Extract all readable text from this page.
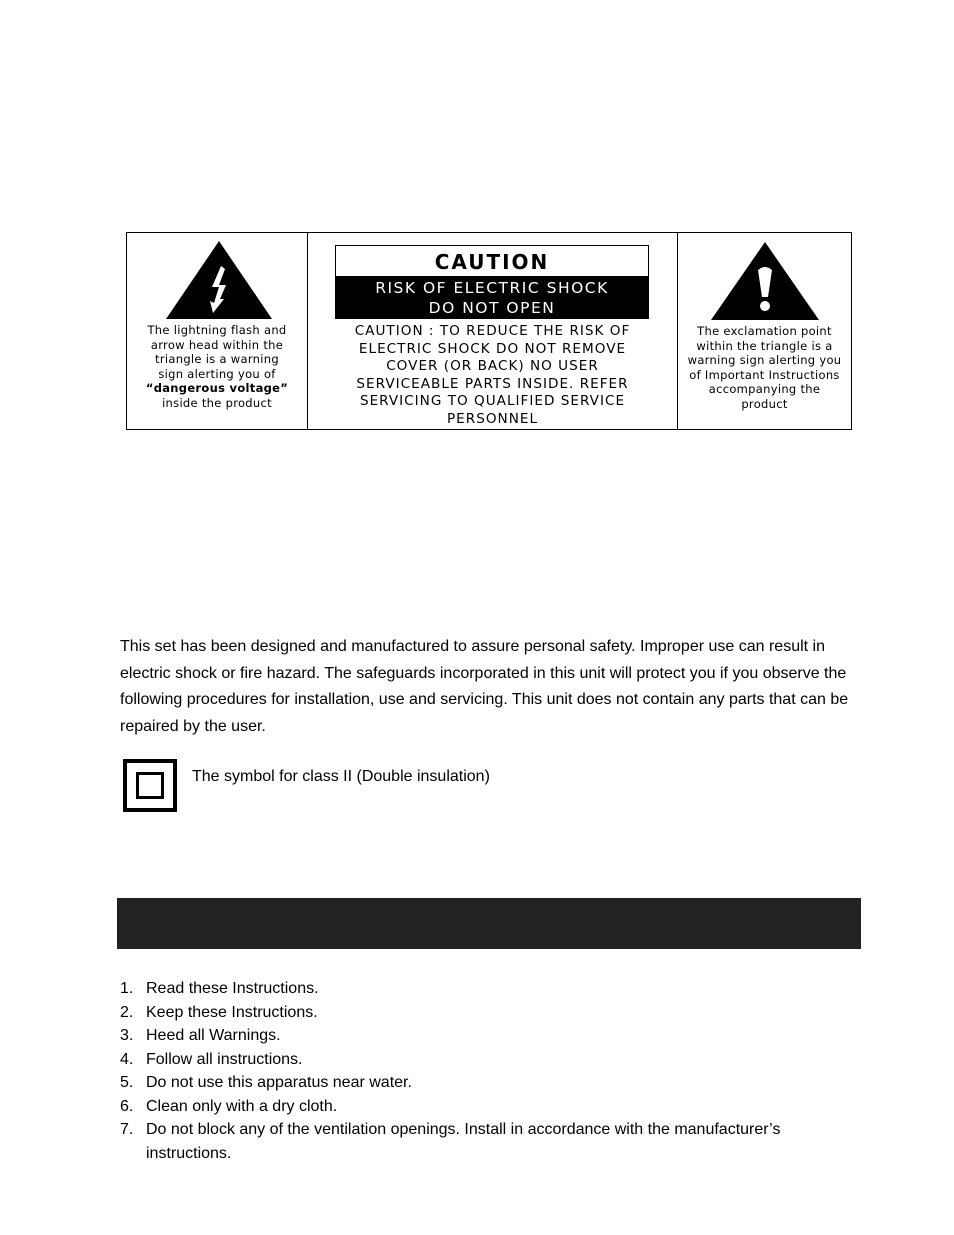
The lightning flash and
arrow head within the
triangle is a warning
sign alerting you of
“dangerous voltage”
inside the product
CAUTION
RISK OF ELECTRIC SHOCK
DO NOT OPEN
CAUTION : TO REDUCE THE RISK OF
ELECTRIC SHOCK DO NOT REMOVE
COVER (OR BACK) NO USER
SERVICEABLE PARTS INSIDE. REFER
SERVICING TO QUALIFIED SERVICE
PERSONNEL
The exclamation point
within the triangle is a
warning sign alerting you
of Important Instructions
accompanying the
product
This set has been designed and manufactured to assure personal safety. Improper use can result in electric shock or fire hazard. The safeguards incorporated in this unit will protect you if you observe the following procedures for installation, use and servicing. This unit does not contain any parts that can be repaired by the user.
The symbol for class II (Double insulation)
1. Read these Instructions.
2. Keep these Instructions.
3. Heed all Warnings.
4. Follow all instructions.
5. Do not use this apparatus near water.
6. Clean only with a dry cloth.
7. Do not block any of the ventilation openings. Install in accordance with the manufacturer’s instructions.
